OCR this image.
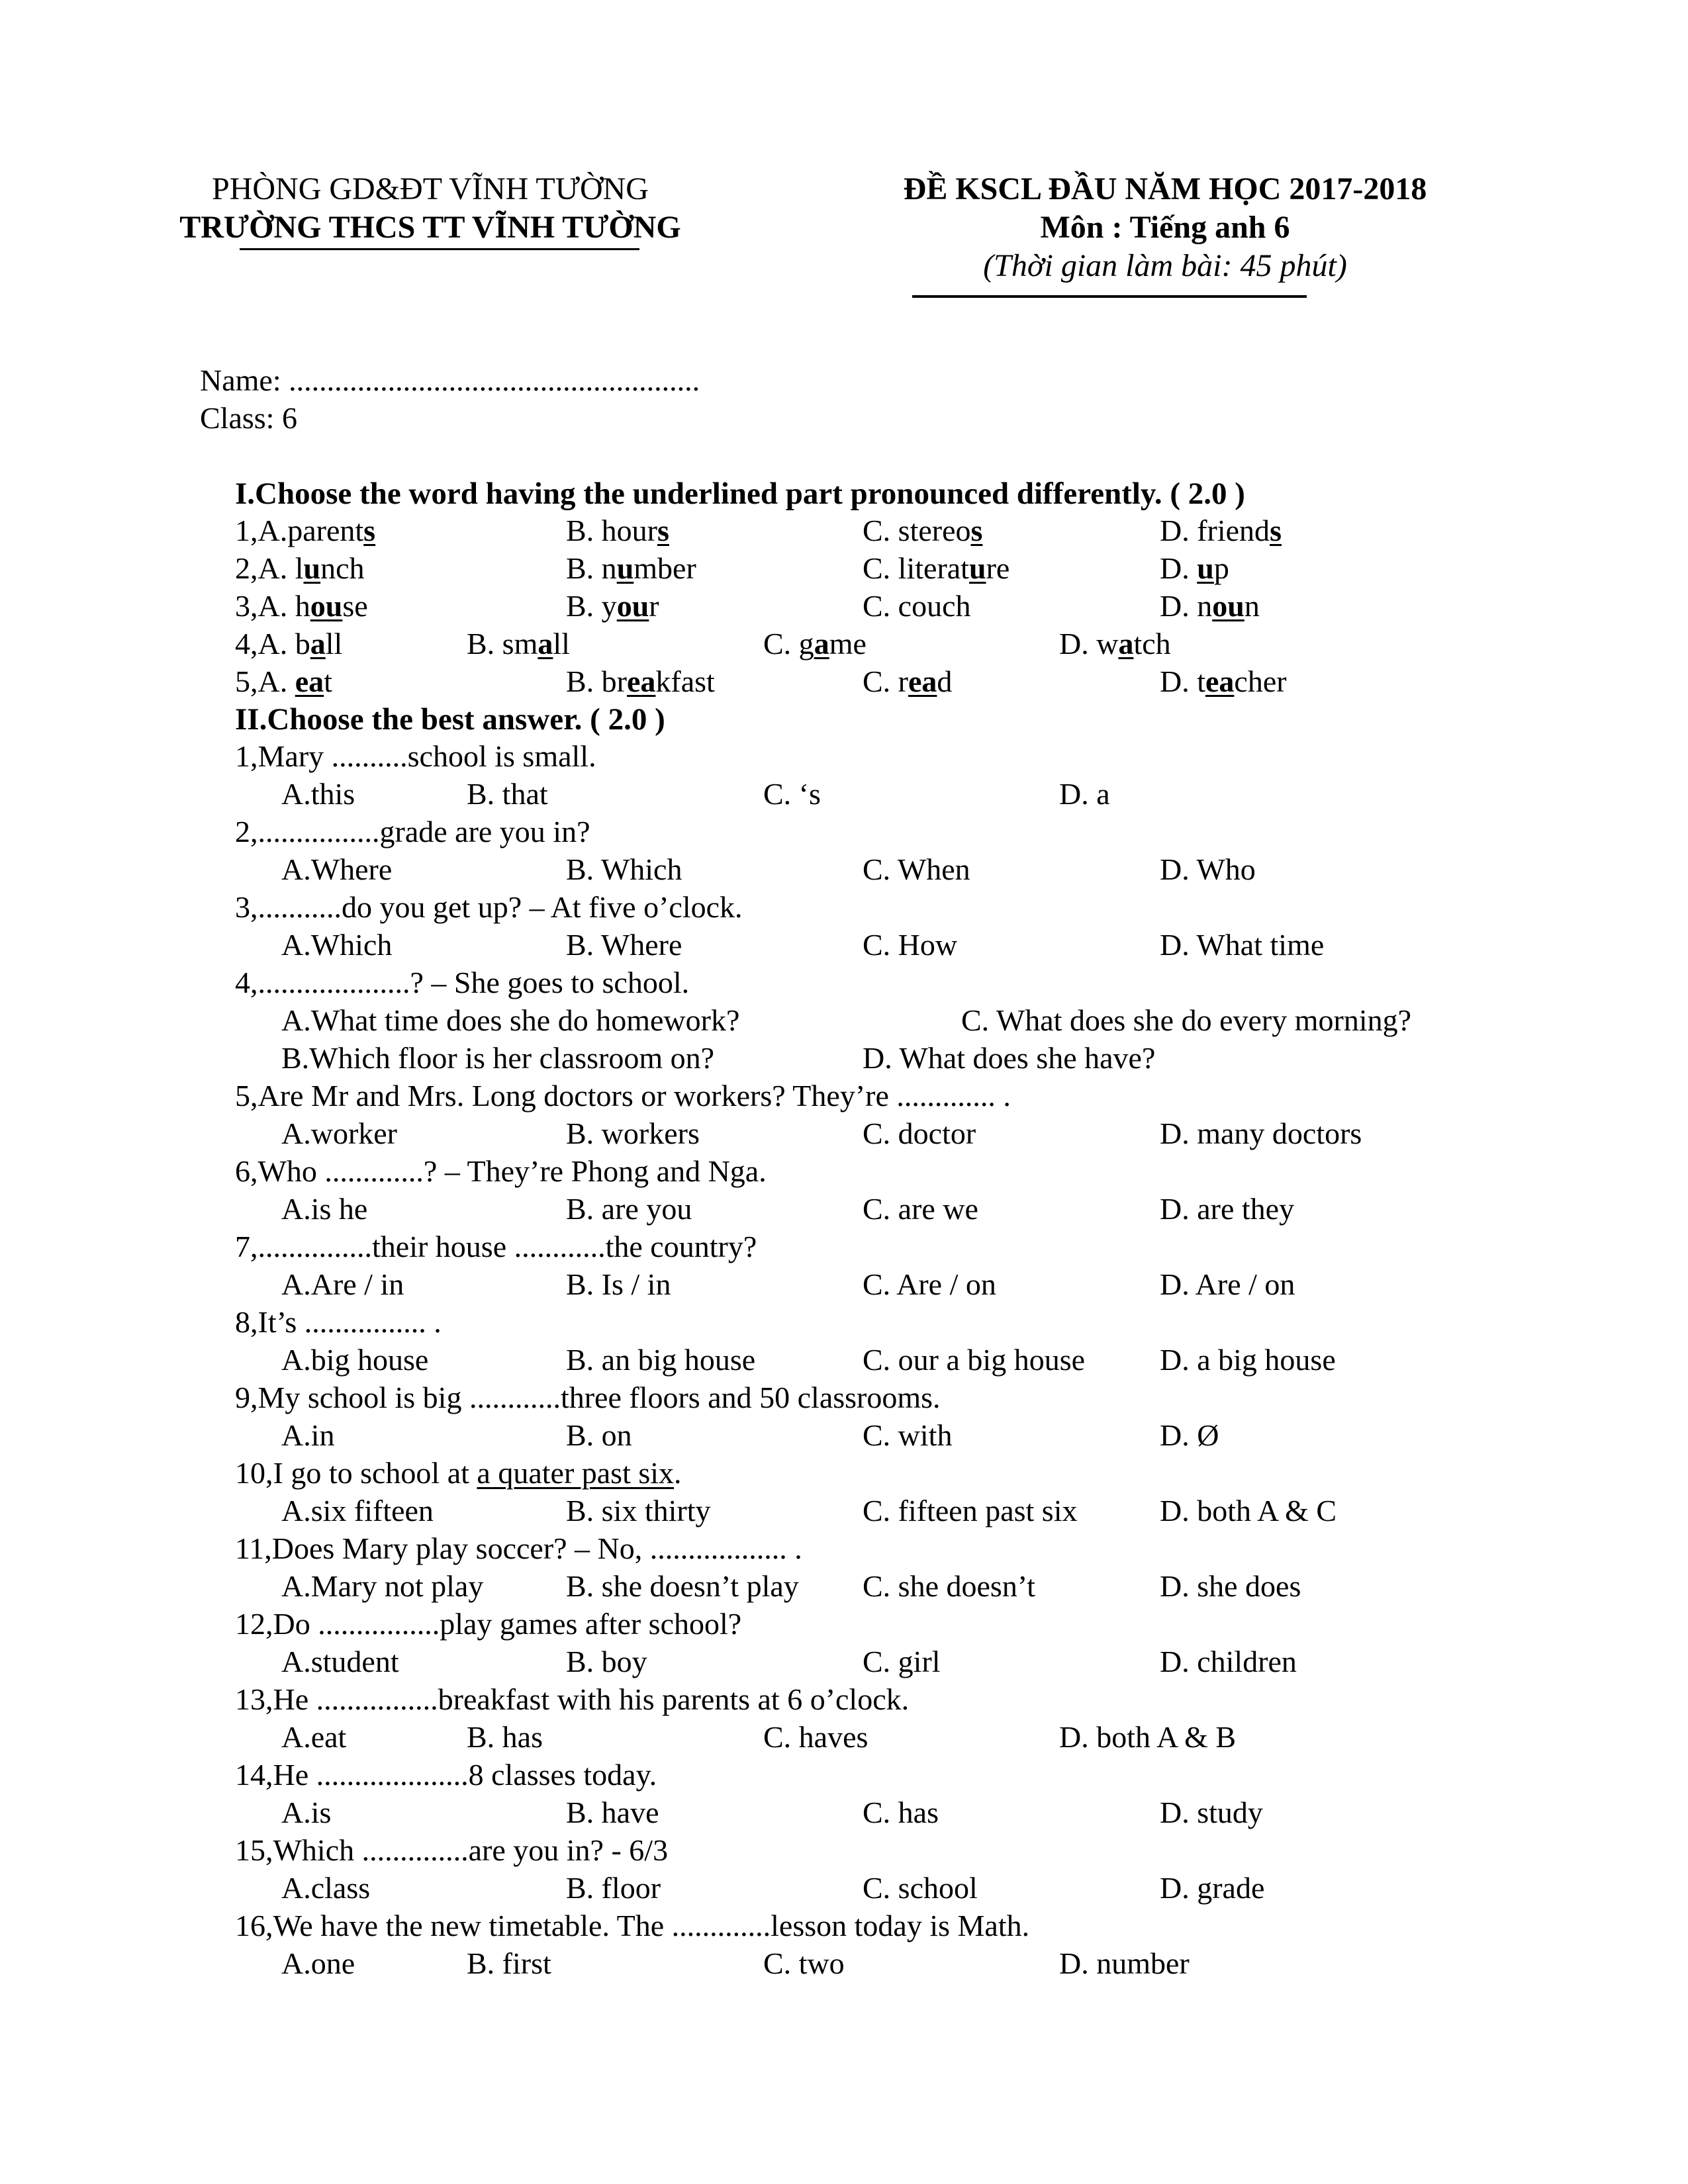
PHÒNG GD&ĐT VĨNH TƯỜNG
TRƯỜNG THCS TT VĨNH TƯỜNG
ĐỀ KSCL ĐẦU NĂM HỌC 2017-2018
Môn : Tiếng anh 6
(Thời gian làm bài: 45 phút)
Name: ......................................................
Class: 6
I.Choose the word having the underlined part pronounced differently. ( 2.0 )
1,A.parents	B. hours	C. stereos	D. friends
2,A. lunch	B. number	C. literature	D. up
3,A. house	B. your	C. couch	D. noun
4,A. ball	B. small	C. game	D. watch
5,A. eat	B. breakfast	C. read	D. teacher
II.Choose the best answer. ( 2.0 )
1,Mary ..........school is small.
A.this	B. that	C. ‘s	D. a
2,................grade are you in?
A.Where	B. Which	C. When	D. Who
3,...........do you get up? – At five o’clock.
A.Which	B. Where	C. How	D. What time
4,....................? – She goes to school.
A.What time does she do homework?	C. What does she do every morning?
B.Which floor is her classroom on?	D. What does she have?
5,Are Mr and Mrs. Long doctors or workers? They’re ............. .
A.worker	B. workers	C. doctor	D. many doctors
6,Who .............? – They’re Phong and Nga.
A.is he	B. are you	C. are we	D. are they
7,...............their house ............the country?
A.Are / in	B. Is / in	C. Are / on	D. Are / on
8,It’s ................ .
A.big house	B. an big house	C. our a big house D. a big house
9,My school is big ............three floors and 50 classrooms.
A.in	B. on	C. with	D. Ø
10,I go to school at a quater past six.
A.six fifteen	B. six thirty	C. fifteen past six	D. both A & C
11,Does Mary play soccer? – No, .................. .
A.Mary not play	B. she doesn’t play C. she doesn’t	D. she does
12,Do ................play games after school?
A.student	B. boy	C. girl	D. children
13,He ................breakfast with his parents at 6 o’clock.
A.eat	B. has	C. haves	D. both A & B
14,He ....................8 classes today.
A.is	B. have	C. has	D. study
15,Which ..............are you in? - 6/3
A.class	B. floor	C. school	D. grade
16,We have the new timetable. The .............lesson today is Math.
A.one	B. first	C. two	D. number
